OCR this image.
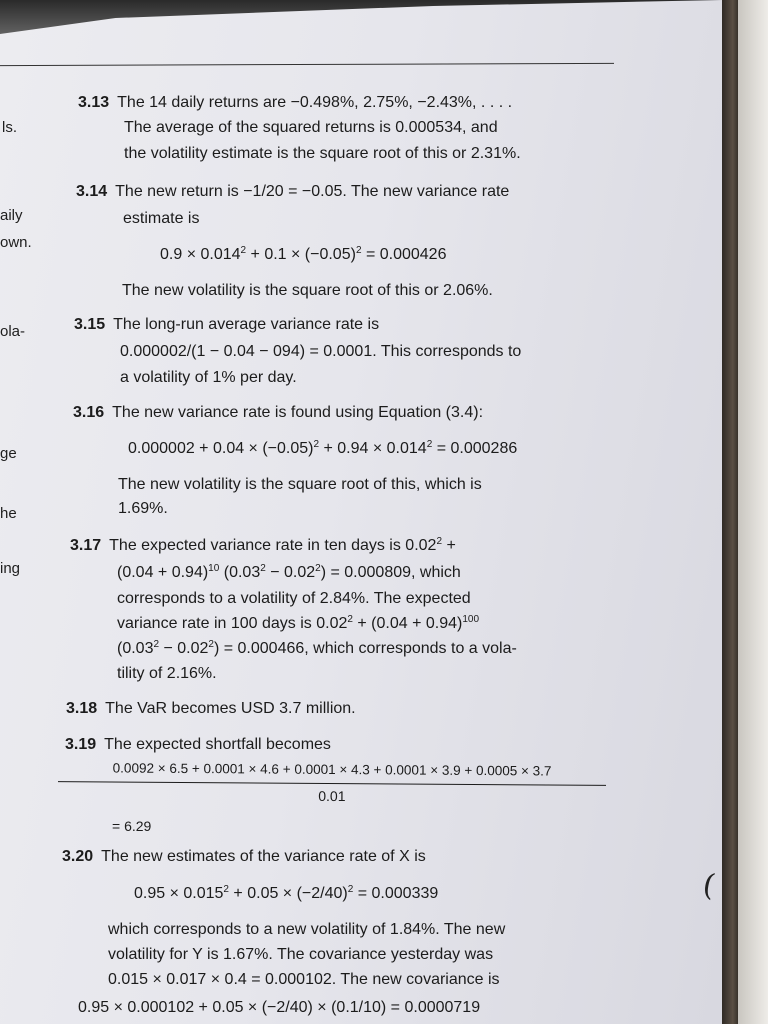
(
ls.
aily
own.
ola-
ge
he
ing
3.13 The 14 daily returns are −0.498%, 2.75%, −2.43%, . . . .
The average of the squared returns is 0.000534, and
the volatility estimate is the square root of this or 2.31%.
3.14 The new return is −1/20 = −0.05. The new variance rate
estimate is
$0.9 \times 0.014^2 + 0.1 \times (-0.05)^2 = 0.000426$
The new volatility is the square root of this or 2.06%.
3.15 The long-run average variance rate is
0.000002/(1 − 0.04 − 094) = 0.0001. This corresponds to
a volatility of 1% per day.
3.16 The new variance rate is found using Equation (3.4):
$0.000002 + 0.04 \times (-0.05)^2 + 0.94 \times 0.014^2 = 0.000286$
The new volatility is the square root of this, which is
1.69%.
3.17 The expected variance rate in ten days is $0.02^2$ +
$(0.04 + 0.94)^{10}$ $(0.03^2 - 0.02^2) = 0.000809$, which
corresponds to a volatility of 2.84%. The expected
variance rate in 100 days is $0.02^2 + (0.04 + 0.94)^{100}$
$(0.03^2 - 0.02^2) = 0.000466$, which corresponds to a vola-
tility of 2.16%.
3.18 The VaR becomes USD 3.7 million.
3.19 The expected shortfall becomes
0.0092 × 6.5 + 0.0001 × 4.6 + 0.0001 × 4.3 + 0.0001 × 3.9 + 0.0005 × 3.7
0.01
= 6.29
3.20 The new estimates of the variance rate of X is
$0.95 \times 0.015^2 + 0.05 \times (-2/40)^2 = 0.000339$
which corresponds to a new volatility of 1.84%. The new
volatility for Y is 1.67%. The covariance yesterday was
0.015 × 0.017 × 0.4 = 0.000102. The new covariance is
0.95 × 0.000102 + 0.05 × (−2/40) × (0.1/10) = 0.0000719
